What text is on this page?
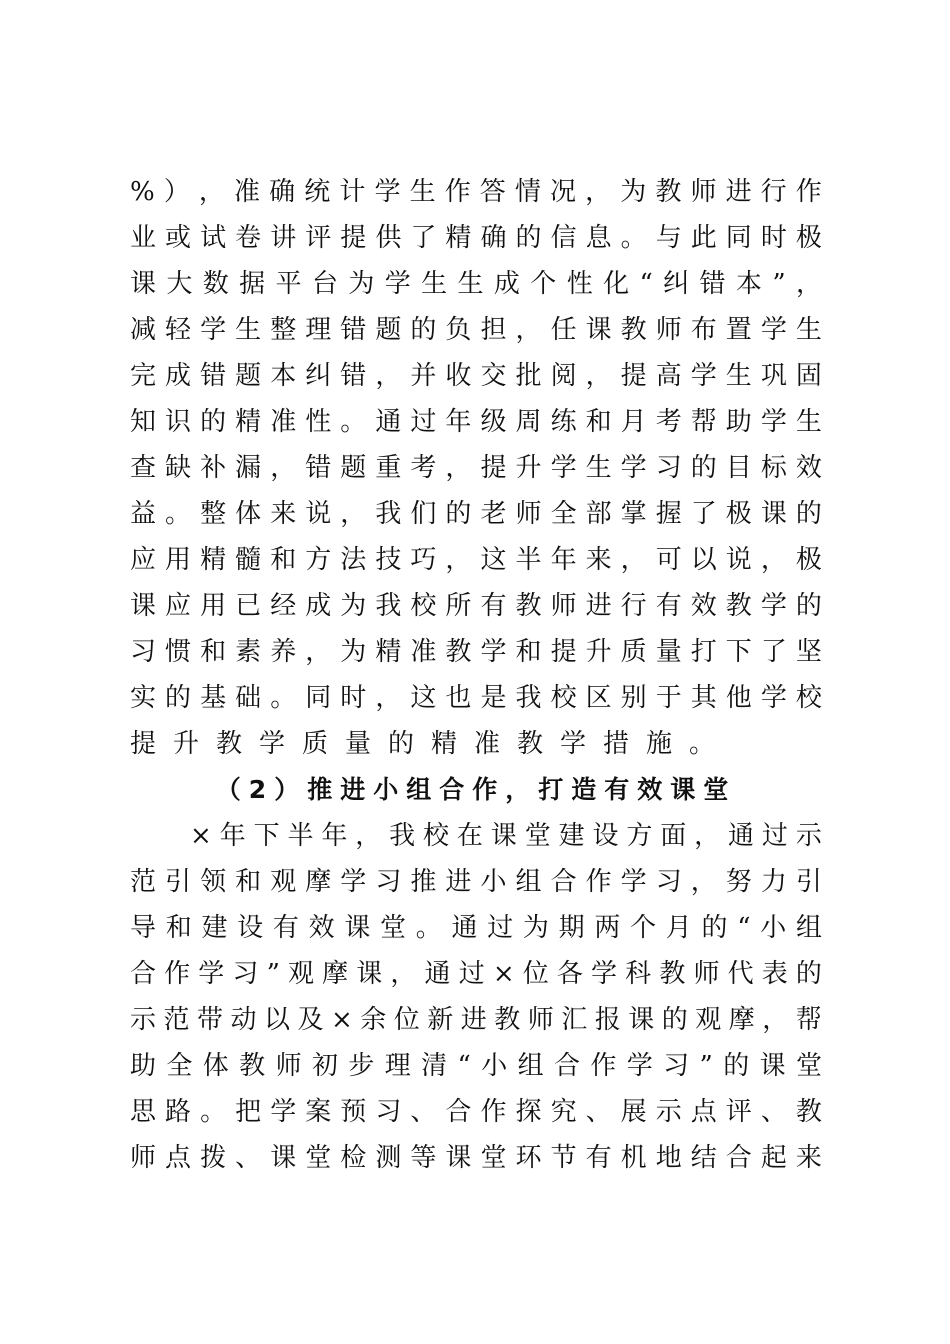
% ） ， 准 确 统 计 学 生 作 答 情 况 ， 为 教 师 进 行 作
业 或 试 卷 讲 评 提 供 了 精 确 的 信 息 。 与 此 同 时 极
课 大 数 据 平 台 为 学 生 生 成 个 性 化 “ 纠 错 本 ” ，
减 轻 学 生 整 理 错 题 的 负 担 ， 任 课 教 师 布 置 学 生
完 成 错 题 本 纠 错 ， 并 收 交 批 阅 ， 提 高 学 生 巩 固
知 识 的 精 准 性 。 通 过 年 级 周 练 和 月 考 帮 助 学 生
查 缺 补 漏 ， 错 题 重 考 ， 提 升 学 生 学 习 的 目 标 效
益 。 整 体 来 说 ， 我 们 的 老 师 全 部 掌 握 了 极 课 的
应 用 精 髓 和 方 法 技 巧 ， 这 半 年 来 ， 可 以 说 ， 极
课 应 用 已 经 成 为 我 校 所 有 教 师 进 行 有 效 教 学 的
习 惯 和 素 养 ， 为 精 准 教 学 和 提 升 质 量 打 下 了 坚
实 的 基 础 。 同 时 ， 这 也 是 我 校 区 别 于 其 他 学 校
提升教学质量的精准教学措施。
（2）推进小组合作，打造有效课堂
× 年 下 半 年 ， 我 校 在 课 堂 建 设 方 面 ， 通 过 示
范 引 领 和 观 摩 学 习 推 进 小 组 合 作 学 习 ， 努 力 引
导 和 建 设 有 效 课 堂 。 通 过 为 期 两 个 月 的 “ 小 组
合 作 学 习 ” 观 摩 课 ， 通 过 × 位 各 学 科 教 师 代 表 的
示 范 带 动 以 及 × 余 位 新 进 教 师 汇 报 课 的 观 摩 ， 帮
助 全 体 教 师 初 步 理 清 “ 小 组 合 作 学 习 ” 的 课 堂
思 路 。 把 学 案 预 习 、 合 作 探 究 、 展 示 点 评 、 教
师 点 拨 、 课 堂 检 测 等 课 堂 环 节 有 机 地 结 合 起 来
